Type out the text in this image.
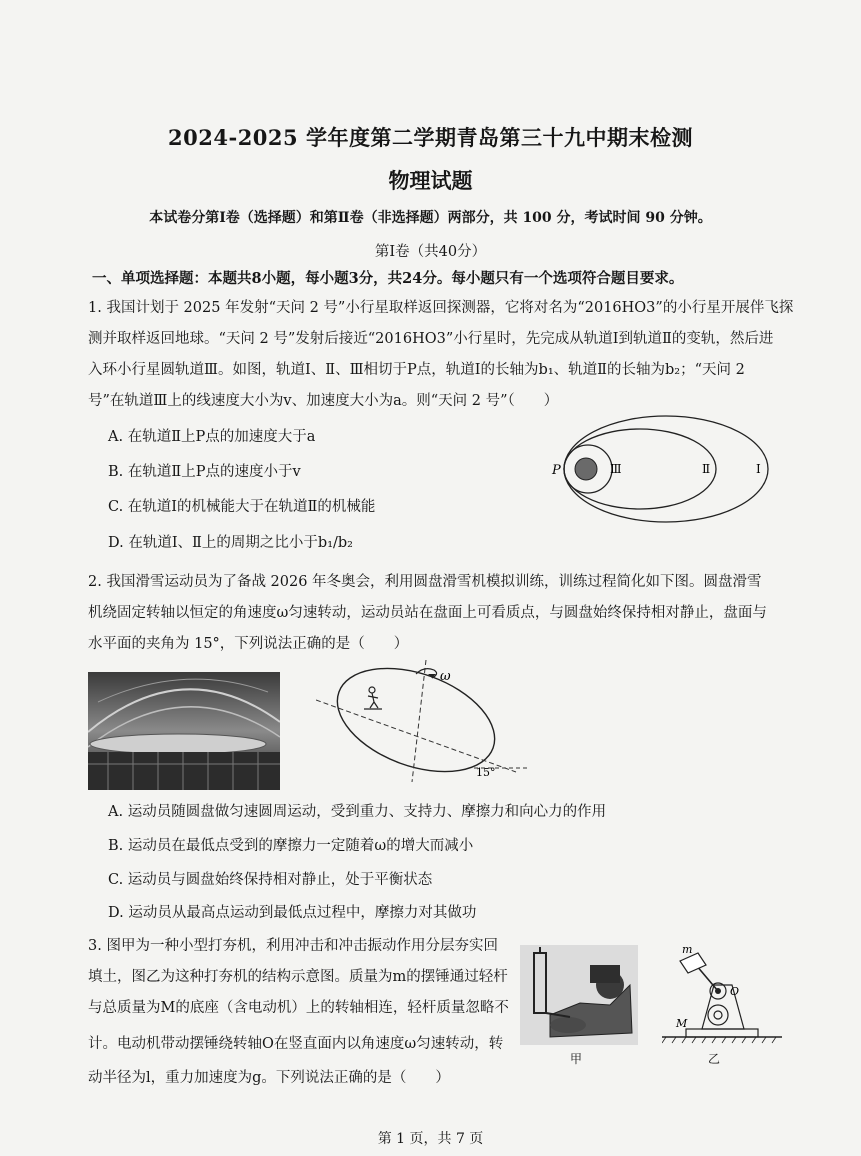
2024-2025 学年度第二学期青岛第三十九中期末检测
物理试题
本试卷分第Ⅰ卷（选择题）和第Ⅱ卷（非选择题）两部分，共 100 分，考试时间 90 分钟。
第Ⅰ卷（共40分）
一、单项选择题：本题共8小题，每小题3分，共24分。每小题只有一个选项符合题目要求。
1. 我国计划于 2025 年发射“天问 2 号”小行星取样返回探测器，它将对名为“2016HO3”的小行星开展伴飞探
测并取样返回地球。“天问 2 号”发射后接近“2016HO3”小行星时，先完成从轨道Ⅰ到轨道Ⅱ的变轨，然后进
入环小行星圆轨道Ⅲ。如图，轨道Ⅰ、Ⅱ、Ⅲ相切于P点，轨道Ⅰ的长轴为b₁、轨道Ⅱ的长轴为b₂；“天问 2
号”在轨道Ⅲ上的线速度大小为v、加速度大小为a。则“天问 2 号”（　　）
A. 在轨道Ⅱ上P点的加速度大于a
B. 在轨道Ⅱ上P点的速度小于v
C. 在轨道Ⅰ的机械能大于在轨道Ⅱ的机械能
D. 在轨道Ⅰ、Ⅱ上的周期之比小于b₁/b₂
P	Ⅲ	Ⅱ	Ⅰ
2. 我国滑雪运动员为了备战 2026 年冬奥会，利用圆盘滑雪机模拟训练，训练过程简化如下图。圆盘滑雪
机绕固定转轴以恒定的角速度ω匀速转动，运动员站在盘面上可看质点，与圆盘始终保持相对静止，盘面与
水平面的夹角为 15°，下列说法正确的是（　　）
ω
15°
A. 运动员随圆盘做匀速圆周运动，受到重力、支持力、摩擦力和向心力的作用
B. 运动员在最低点受到的摩擦力一定随着ω的增大而减小
C. 运动员与圆盘始终保持相对静止，处于平衡状态
D. 运动员从最高点运动到最低点过程中，摩擦力对其做功
3. 图甲为一种小型打夯机，利用冲击和冲击振动作用分层夯实回
填土，图乙为这种打夯机的结构示意图。质量为m的摆锤通过轻杆
与总质量为M的底座（含电动机）上的转轴相连，轻杆质量忽略不
计。电动机带动摆锤绕转轴O在竖直面内以角速度ω匀速转动，转
动半径为l，重力加速度为g。下列说法正确的是（　　）
甲
m
O
M
乙
第 1 页，共 7 页
